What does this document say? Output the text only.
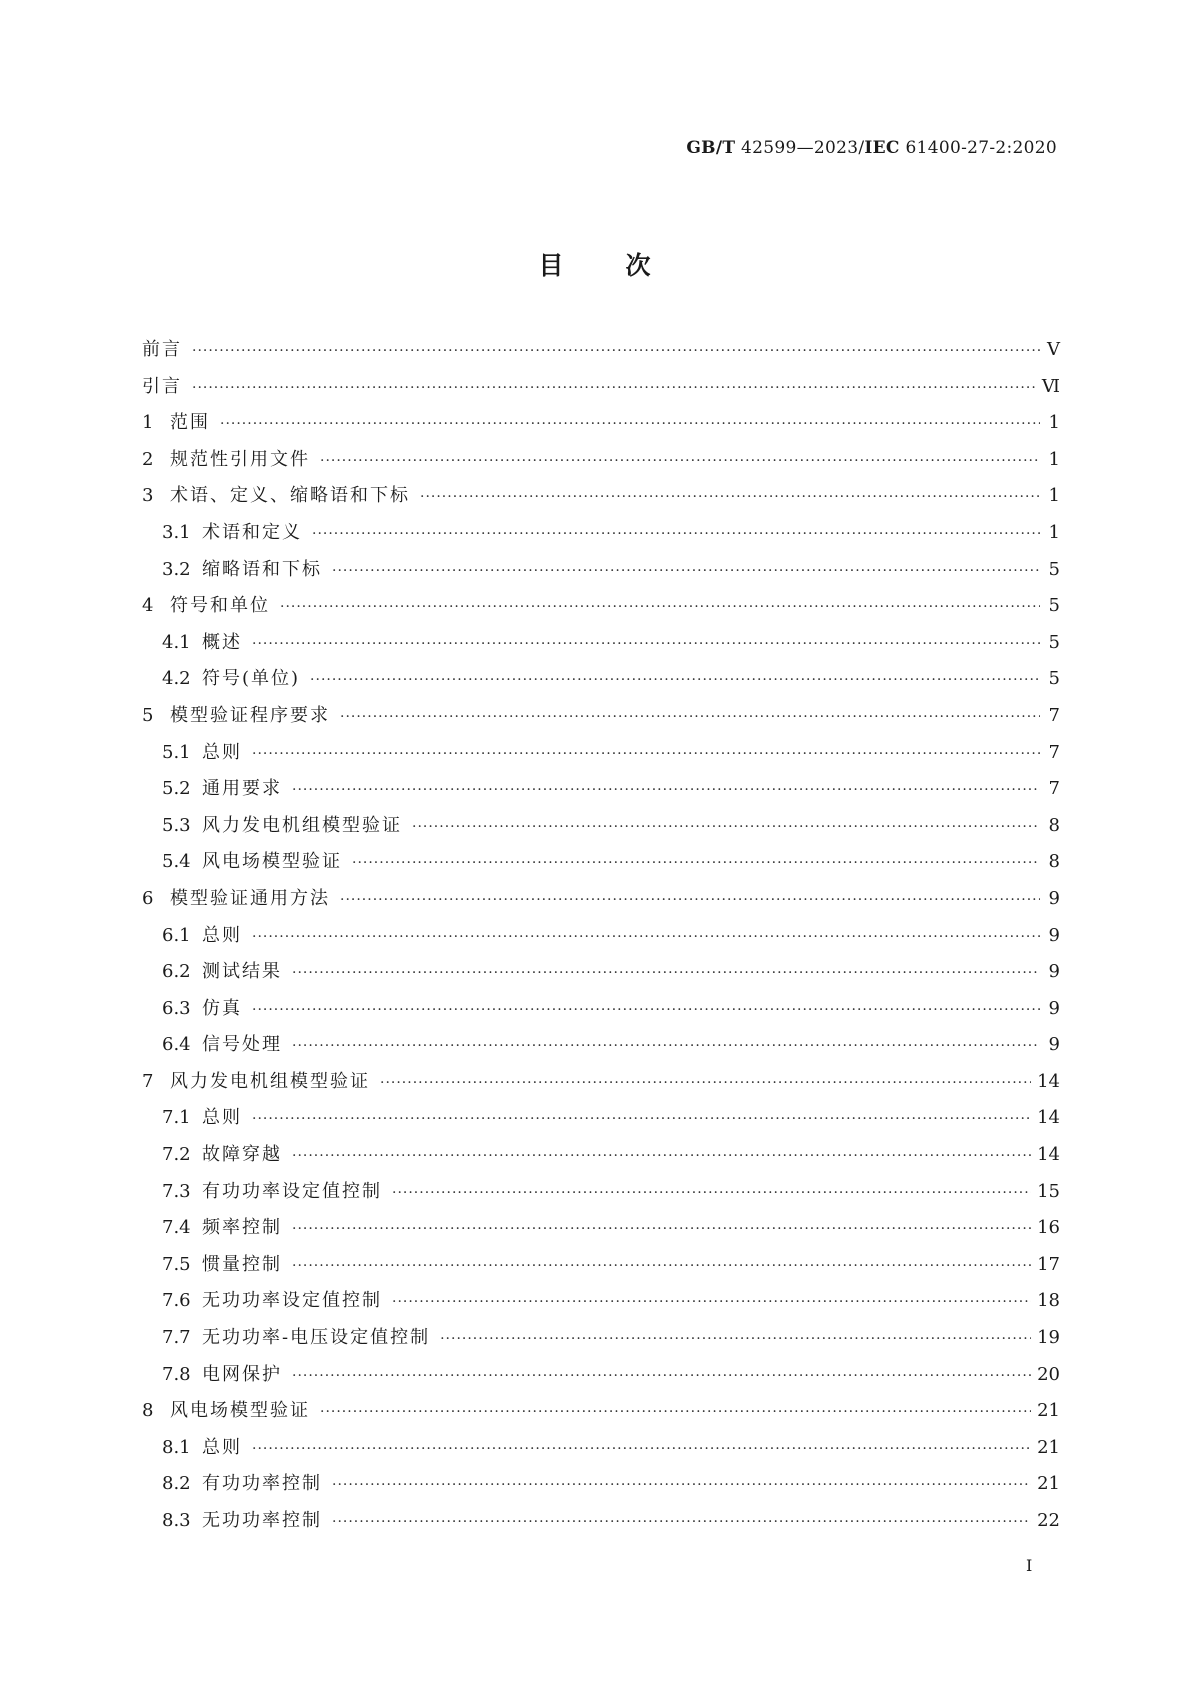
GB/T 42599—2023/IEC 61400-27-2:2020
目次
前言 ·····	V
引言 ·····	Ⅵ
1 范围 ·····	1
2 规范性引用文件 ·····	1
3 术语、定义、缩略语和下标 ·····	1
3.1 术语和定义 ·····	1
3.2 缩略语和下标 ·····	5
4 符号和单位 ·····	5
4.1 概述 ·····	5
4.2 符号(单位) ·····	5
5 模型验证程序要求 ·····	7
5.1 总则 ·····	7
5.2 通用要求 ·····	7
5.3 风力发电机组模型验证 ·····	8
5.4 风电场模型验证 ·····	8
6 模型验证通用方法 ·····	9
6.1 总则 ·····	9
6.2 测试结果 ·····	9
6.3 仿真 ·····	9
6.4 信号处理 ·····	9
7 风力发电机组模型验证 ·····	14
7.1 总则 ·····	14
7.2 故障穿越 ·····	14
7.3 有功功率设定值控制 ·····	15
7.4 频率控制 ·····	16
7.5 惯量控制 ·····	17
7.6 无功功率设定值控制 ·····	18
7.7 无功功率-电压设定值控制 ·····	19
7.8 电网保护 ·····	20
8 风电场模型验证 ·····	21
8.1 总则 ·····	21
8.2 有功功率控制 ·····	21
8.3 无功功率控制 ·····	22
Ⅰ
